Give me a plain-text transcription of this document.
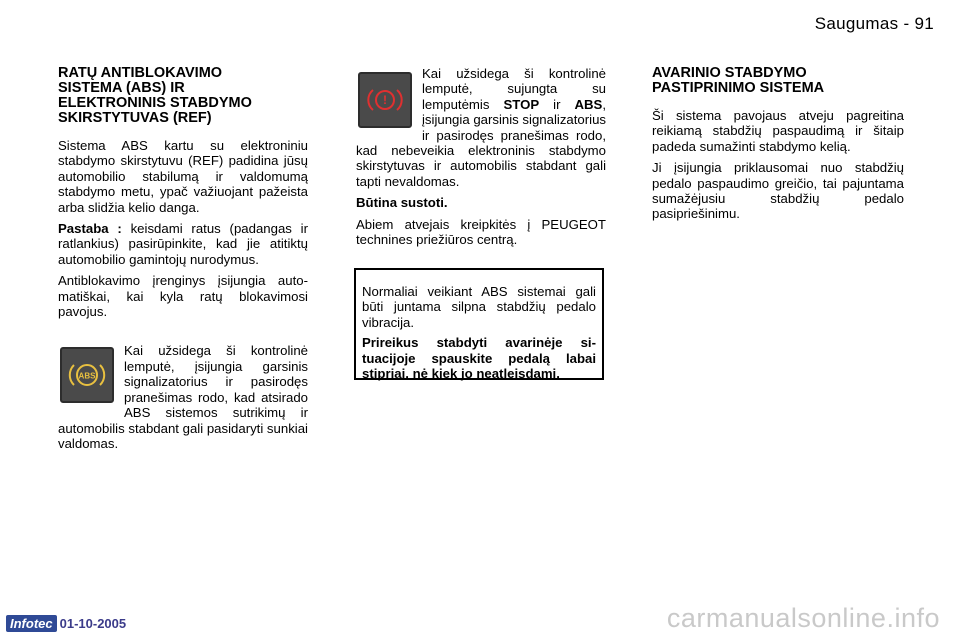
Saugumas - 91
RATŲ ANTIBLOKAVIMO
SISTEMA (ABS) IR
ELEKTRONINIS STABDYMO
SKIRSTYTUVAS (REF)

Sistema ABS kartu su elektroniniu stabdymo skirstytuvu (REF) padidina jūsų automobilio stabilumą ir valdomumą stabdymo metu, ypač važiuojant pažeista arba slidžia kelio danga.

Pastaba : keisdami ratus (padangas ir ratlankius) pasirūpinkite, kad jie atitiktų automobilio gamintojų nurodymus.

Antiblokavimo įrenginys įsijungia automatiškai, kai kyla ratų blokavimosi pavojus.

ABS

Kai užsidega ši kontrolinė lemputė, įsijungia garsinis signalizatorius ir pasirodęs pranešimas rodo, kad atsirado ABS sistemos sutrikimų ir automobilis stabdant gali pasidaryti sunkiai valdomas.

!

Kai užsidega ši kontrolinė lemputė, sujungta su lemputėmis STOP ir ABS, įsijungia garsinis signalizatorius ir pasirodęs pranešimas rodo, kad nebeveikia elektroninis stabdymo skirstytuvas ir automobilis stabdant gali tapti nevaldomas.

Būtina sustoti.

Abiem atvejais kreipkitės į PEUGEOT technines priežiūros centrą.

Normaliai veikiant ABS sistemai gali būti juntama silpna stabdžių pedalo vibracija.

Prireikus stabdyti avarinėje situacijoje spauskite pedalą labai stipriai, nė kiek jo neatleisdami.

AVARINIO STABDYMO
PASTIPRINIMO SISTEMA

Ši sistema pavojaus atveju pagreitina reikiamą stabdžių paspaudimą ir šitaip padeda sumažinti stabdymo kelią.

Ji įsijungia priklausomai nuo stabdžių pedalo paspaudimo greičio, tai pajuntama sumažėjusiu stabdžių pedalo pasipriešinimu.

Infotec 01-10-2005	carmanualsonline.info
